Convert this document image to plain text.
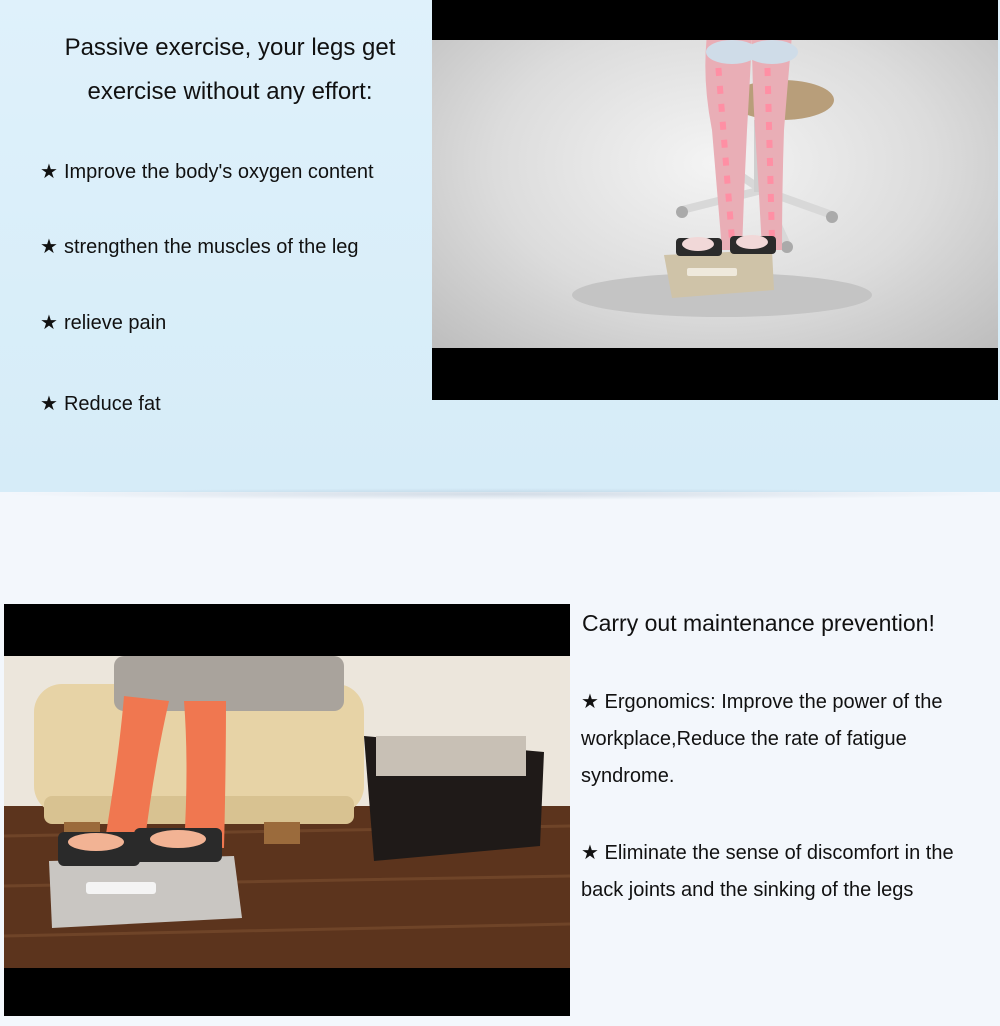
Passive exercise, your legs get
exercise without any effort:
★ Improve the body's oxygen content
★ strengthen the muscles of the leg
★ relieve pain
★ Reduce fat
Carry out maintenance prevention!
★ Ergonomics: Improve the power of the workplace,Reduce the rate of fatigue syndrome.
★ Eliminate the sense of discomfort in the back joints and the sinking of the legs
